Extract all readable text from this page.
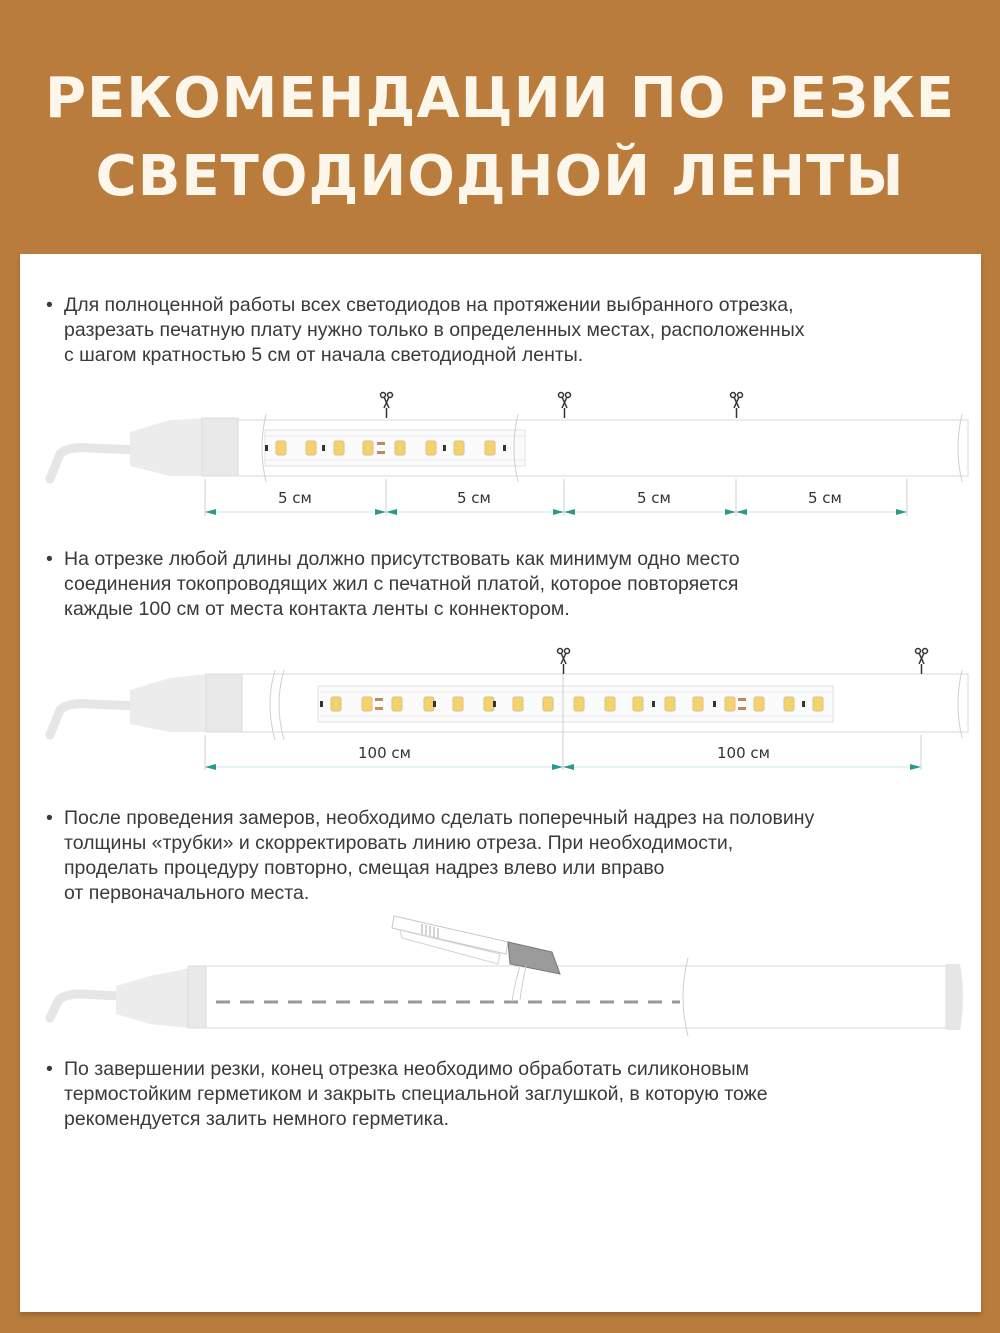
РЕКОМЕНДАЦИИ ПО РЕЗКЕ
СВЕТОДИОДНОЙ ЛЕНТЫ
• Для полноценной работы всех светодиодов на протяжении выбранного отрезка,
разрезать печатную плату нужно только в определенных местах, расположенных
с шагом кратностью 5 см от начала светодиодной ленты.
5 см	5 см	5 см	5 см
• На отрезке любой длины должно присутствовать как минимум одно место
соединения токопроводящих жил с печатной платой, которое повторяется
каждые 100 см от места контакта ленты с коннектором.
100 см	100 см
• После проведения замеров, необходимо сделать поперечный надрез на половину
толщины «трубки» и скорректировать линию отреза. При необходимости,
проделать процедуру повторно, смещая надрез влево или вправо
от первоначального места.
• По завершении резки, конец отрезка необходимо обработать силиконовым
термостойким герметиком и закрыть специальной заглушкой, в которую тоже
рекомендуется залить немного герметика.
